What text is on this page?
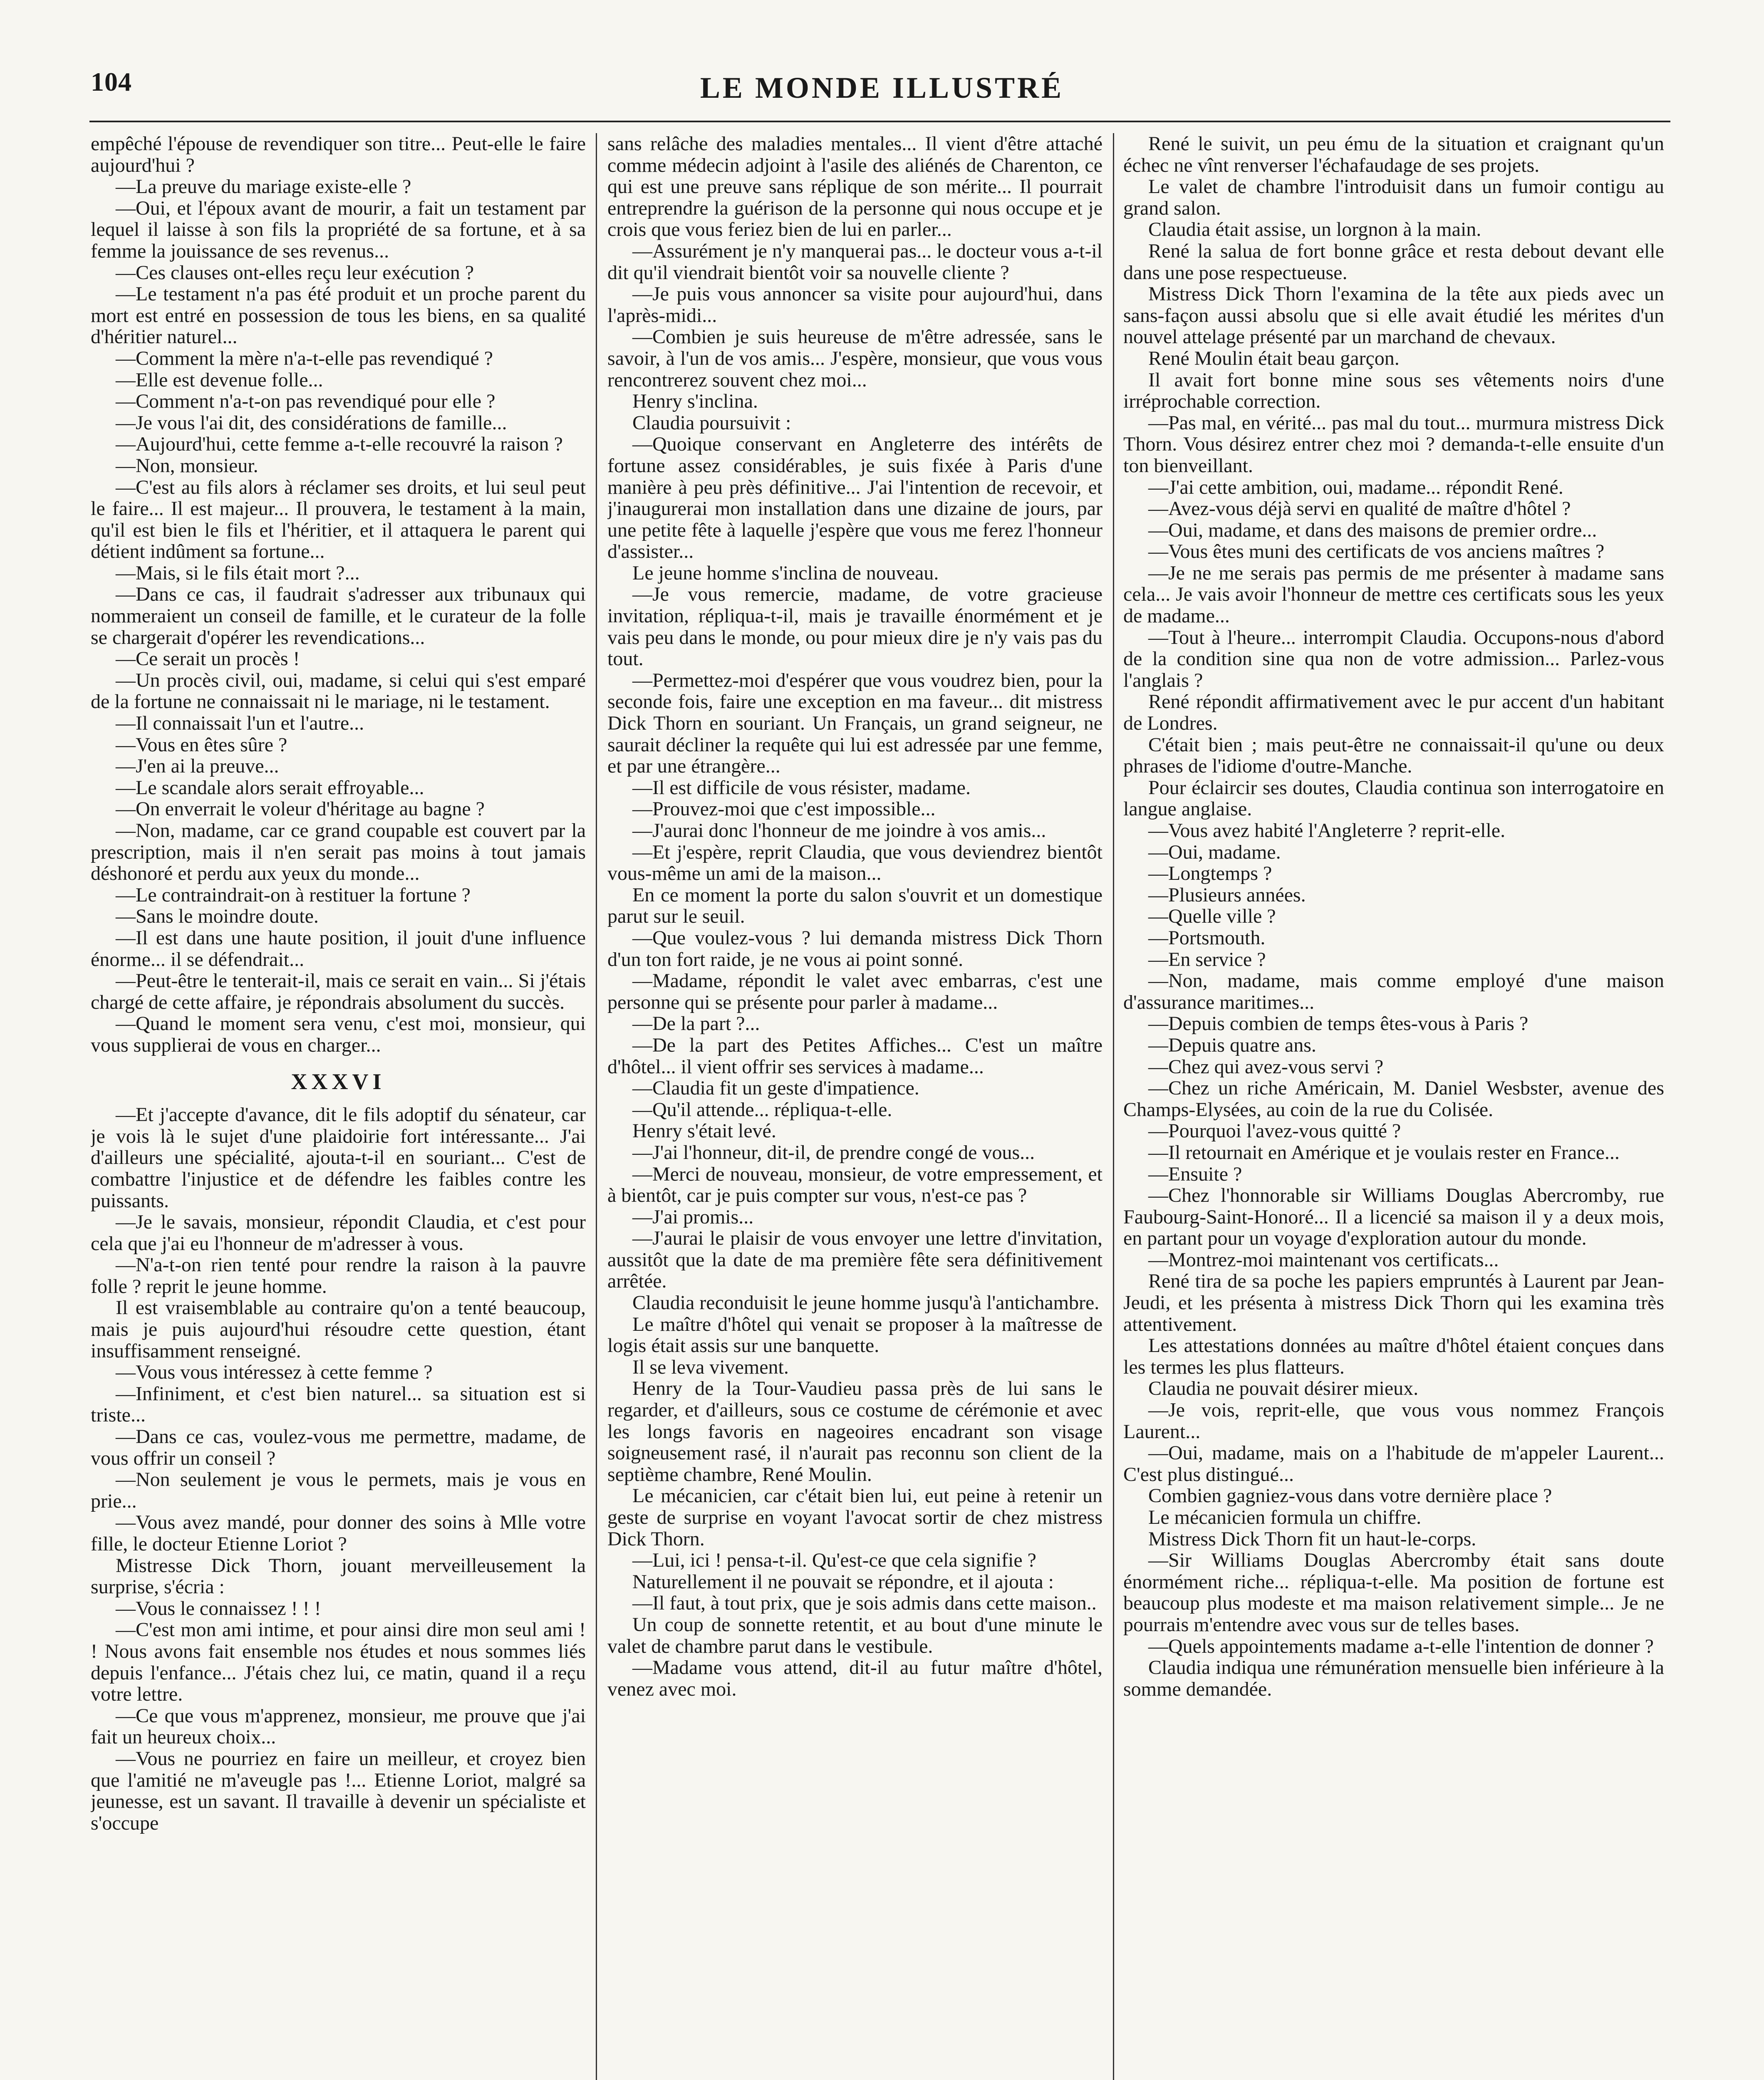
104	LE MONDE ILLUSTRÉ

empêché l'épouse de revendiquer son titre... Peut-elle le faire aujourd'hui ?

—La preuve du mariage existe-elle ?

—Oui, et l'époux avant de mourir, a fait un testament par lequel il laisse à son fils la propriété de sa fortune, et à sa femme la jouissance de ses revenus...

—Ces clauses ont-elles reçu leur exécution ?

—Le testament n'a pas été produit et un proche parent du mort est entré en possession de tous les biens, en sa qualité d'héritier naturel...

—Comment la mère n'a-t-elle pas revendiqué ?

—Elle est devenue folle...

—Comment n'a-t-on pas revendiqué pour elle ?

—Je vous l'ai dit, des considérations de famille...

—Aujourd'hui, cette femme a-t-elle recouvré la raison ?

—Non, monsieur.

—C'est au fils alors à réclamer ses droits, et lui seul peut le faire... Il est majeur... Il prouvera, le testament à la main, qu'il est bien le fils et l'héritier, et il attaquera le parent qui détient indûment sa fortune...

—Mais, si le fils était mort ?...

—Dans ce cas, il faudrait s'adresser aux tribunaux qui nommeraient un conseil de famille, et le curateur de la folle se chargerait d'opérer les revendications...

—Ce serait un procès !

—Un procès civil, oui, madame, si celui qui s'est emparé de la fortune ne connaissait ni le mariage, ni le testament.

—Il connaissait l'un et l'autre...

—Vous en êtes sûre ?

—J'en ai la preuve...

—Le scandale alors serait effroyable...

—On enverrait le voleur d'héritage au bagne ?

—Non, madame, car ce grand coupable est couvert par la prescription, mais il n'en serait pas moins à tout jamais déshonoré et perdu aux yeux du monde...

—Le contraindrait-on à restituer la fortune ?

—Sans le moindre doute.

—Il est dans une haute position, il jouit d'une influence énorme... il se défendrait...

—Peut-être le tenterait-il, mais ce serait en vain... Si j'étais chargé de cette affaire, je répondrais absolument du succès.

—Quand le moment sera venu, c'est moi, monsieur, qui vous supplierai de vous en charger...

XXXVI

—Et j'accepte d'avance, dit le fils adoptif du sénateur, car je vois là le sujet d'une plaidoirie fort intéressante... J'ai d'ailleurs une spécialité, ajouta-t-il en souriant... C'est de combattre l'injustice et de défendre les faibles contre les puissants.

—Je le savais, monsieur, répondit Claudia, et c'est pour cela que j'ai eu l'honneur de m'adresser à vous.

—N'a-t-on rien tenté pour rendre la raison à la pauvre folle ? reprit le jeune homme.

Il est vraisemblable au contraire qu'on a tenté beaucoup, mais je puis aujourd'hui résoudre cette question, étant insuffisamment renseigné.

—Vous vous intéressez à cette femme ?

—Infiniment, et c'est bien naturel... sa situation est si triste...

—Dans ce cas, voulez-vous me permettre, madame, de vous offrir un conseil ?

—Non seulement je vous le permets, mais je vous en prie...

—Vous avez mandé, pour donner des soins à Mlle votre fille, le docteur Etienne Loriot ?

Mistresse Dick Thorn, jouant merveilleusement la surprise, s'écria :

—Vous le connaissez ! ! !

—C'est mon ami intime, et pour ainsi dire mon seul ami ! ! Nous avons fait ensemble nos études et nous sommes liés depuis l'enfance... J'étais chez lui, ce matin, quand il a reçu votre lettre.

—Ce que vous m'apprenez, monsieur, me prouve que j'ai fait un heureux choix...

—Vous ne pourriez en faire un meilleur, et croyez bien que l'amitié ne m'aveugle pas !... Etienne Loriot, malgré sa jeunesse, est un savant. Il travaille à devenir un spécialiste et s'occupe

sans relâche des maladies mentales... Il vient d'être attaché comme médecin adjoint à l'asile des aliénés de Charenton, ce qui est une preuve sans réplique de son mérite... Il pourrait entreprendre la guérison de la personne qui nous occupe et je crois que vous feriez bien de lui en parler...

—Assurément je n'y manquerai pas... le docteur vous a-t-il dit qu'il viendrait bientôt voir sa nouvelle cliente ?

—Je puis vous annoncer sa visite pour aujourd'hui, dans l'après-midi...

—Combien je suis heureuse de m'être adressée, sans le savoir, à l'un de vos amis... J'espère, monsieur, que vous vous rencontrerez souvent chez moi...

Henry s'inclina.

Claudia poursuivit :

—Quoique conservant en Angleterre des intérêts de fortune assez considérables, je suis fixée à Paris d'une manière à peu près définitive... J'ai l'intention de recevoir, et j'inaugurerai mon installation dans une dizaine de jours, par une petite fête à laquelle j'espère que vous me ferez l'honneur d'assister...

Le jeune homme s'inclina de nouveau.

—Je vous remercie, madame, de votre gracieuse invitation, répliqua-t-il, mais je travaille énormément et je vais peu dans le monde, ou pour mieux dire je n'y vais pas du tout.

—Permettez-moi d'espérer que vous voudrez bien, pour la seconde fois, faire une exception en ma faveur... dit mistress Dick Thorn en souriant. Un Français, un grand seigneur, ne saurait décliner la requête qui lui est adressée par une femme, et par une étrangère...

—Il est difficile de vous résister, madame.

—Prouvez-moi que c'est impossible...

—J'aurai donc l'honneur de me joindre à vos amis...

—Et j'espère, reprit Claudia, que vous deviendrez bientôt vous-même un ami de la maison...

En ce moment la porte du salon s'ouvrit et un domestique parut sur le seuil.

—Que voulez-vous ? lui demanda mistress Dick Thorn d'un ton fort raide, je ne vous ai point sonné.

—Madame, répondit le valet avec embarras, c'est une personne qui se présente pour parler à madame...

—De la part ?...

—De la part des Petites Affiches... C'est un maître d'hôtel... il vient offrir ses services à madame...

—Claudia fit un geste d'impatience.

—Qu'il attende... répliqua-t-elle.

Henry s'était levé.

—J'ai l'honneur, dit-il, de prendre congé de vous...

—Merci de nouveau, monsieur, de votre empressement, et à bientôt, car je puis compter sur vous, n'est-ce pas ?

—J'ai promis...

—J'aurai le plaisir de vous envoyer une lettre d'invitation, aussitôt que la date de ma première fête sera définitivement arrêtée.

Claudia reconduisit le jeune homme jusqu'à l'antichambre.

Le maître d'hôtel qui venait se proposer à la maîtresse de logis était assis sur une banquette.

Il se leva vivement.

Henry de la Tour-Vaudieu passa près de lui sans le regarder, et d'ailleurs, sous ce costume de cérémonie et avec les longs favoris en nageoires encadrant son visage soigneusement rasé, il n'aurait pas reconnu son client de la septième chambre, René Moulin.

Le mécanicien, car c'était bien lui, eut peine à retenir un geste de surprise en voyant l'avocat sortir de chez mistress Dick Thorn.

—Lui, ici ! pensa-t-il. Qu'est-ce que cela signifie ?

Naturellement il ne pouvait se répondre, et il ajouta :

—Il faut, à tout prix, que je sois admis dans cette maison..

Un coup de sonnette retentit, et au bout d'une minute le valet de chambre parut dans le vestibule.

—Madame vous attend, dit-il au futur maître d'hôtel, venez avec moi.

René le suivit, un peu ému de la situation et craignant qu'un échec ne vînt renverser l'échafaudage de ses projets.

Le valet de chambre l'introduisit dans un fumoir contigu au grand salon.

Claudia était assise, un lorgnon à la main.

René la salua de fort bonne grâce et resta debout devant elle dans une pose respectueuse.

Mistress Dick Thorn l'examina de la tête aux pieds avec un sans-façon aussi absolu que si elle avait étudié les mérites d'un nouvel attelage présenté par un marchand de chevaux.

René Moulin était beau garçon.

Il avait fort bonne mine sous ses vêtements noirs d'une irréprochable correction.

—Pas mal, en vérité... pas mal du tout... murmura mistress Dick Thorn. Vous désirez entrer chez moi ? demanda-t-elle ensuite d'un ton bienveillant.

—J'ai cette ambition, oui, madame... répondit René.

—Avez-vous déjà servi en qualité de maître d'hôtel ?

—Oui, madame, et dans des maisons de premier ordre...

—Vous êtes muni des certificats de vos anciens maîtres ?

—Je ne me serais pas permis de me présenter à madame sans cela... Je vais avoir l'honneur de mettre ces certificats sous les yeux de madame...

—Tout à l'heure... interrompit Claudia. Occupons-nous d'abord de la condition sine qua non de votre admission... Parlez-vous l'anglais ?

René répondit affirmativement avec le pur accent d'un habitant de Londres.

C'était bien ; mais peut-être ne connaissait-il qu'une ou deux phrases de l'idiome d'outre-Manche.

Pour éclaircir ses doutes, Claudia continua son interrogatoire en langue anglaise.

—Vous avez habité l'Angleterre ? reprit-elle.

—Oui, madame.

—Longtemps ?

—Plusieurs années.

—Quelle ville ?

—Portsmouth.

—En service ?

—Non, madame, mais comme employé d'une maison d'assurance maritimes...

—Depuis combien de temps êtes-vous à Paris ?

—Depuis quatre ans.

—Chez qui avez-vous servi ?

—Chez un riche Américain, M. Daniel Wesbster, avenue des Champs-Elysées, au coin de la rue du Colisée.

—Pourquoi l'avez-vous quitté ?

—Il retournait en Amérique et je voulais rester en France...

—Ensuite ?

—Chez l'honnorable sir Williams Douglas Abercromby, rue Faubourg-Saint-Honoré... Il a licencié sa maison il y a deux mois, en partant pour un voyage d'exploration autour du monde.

—Montrez-moi maintenant vos certificats...

René tira de sa poche les papiers empruntés à Laurent par Jean-Jeudi, et les présenta à mistress Dick Thorn qui les examina très attentivement.

Les attestations données au maître d'hôtel étaient conçues dans les termes les plus flatteurs.

Claudia ne pouvait désirer mieux.

—Je vois, reprit-elle, que vous vous nommez François Laurent...

—Oui, madame, mais on a l'habitude de m'appeler Laurent... C'est plus distingué...

Combien gagniez-vous dans votre dernière place ?

Le mécanicien formula un chiffre.

Mistress Dick Thorn fit un haut-le-corps.

—Sir Williams Douglas Abercromby était sans doute énormément riche... répliqua-t-elle. Ma position de fortune est beaucoup plus modeste et ma maison relativement simple... Je ne pourrais m'entendre avec vous sur de telles bases.

—Quels appointements madame a-t-elle l'intention de donner ?

Claudia indiqua une rémunération mensuelle bien inférieure à la somme demandée.
